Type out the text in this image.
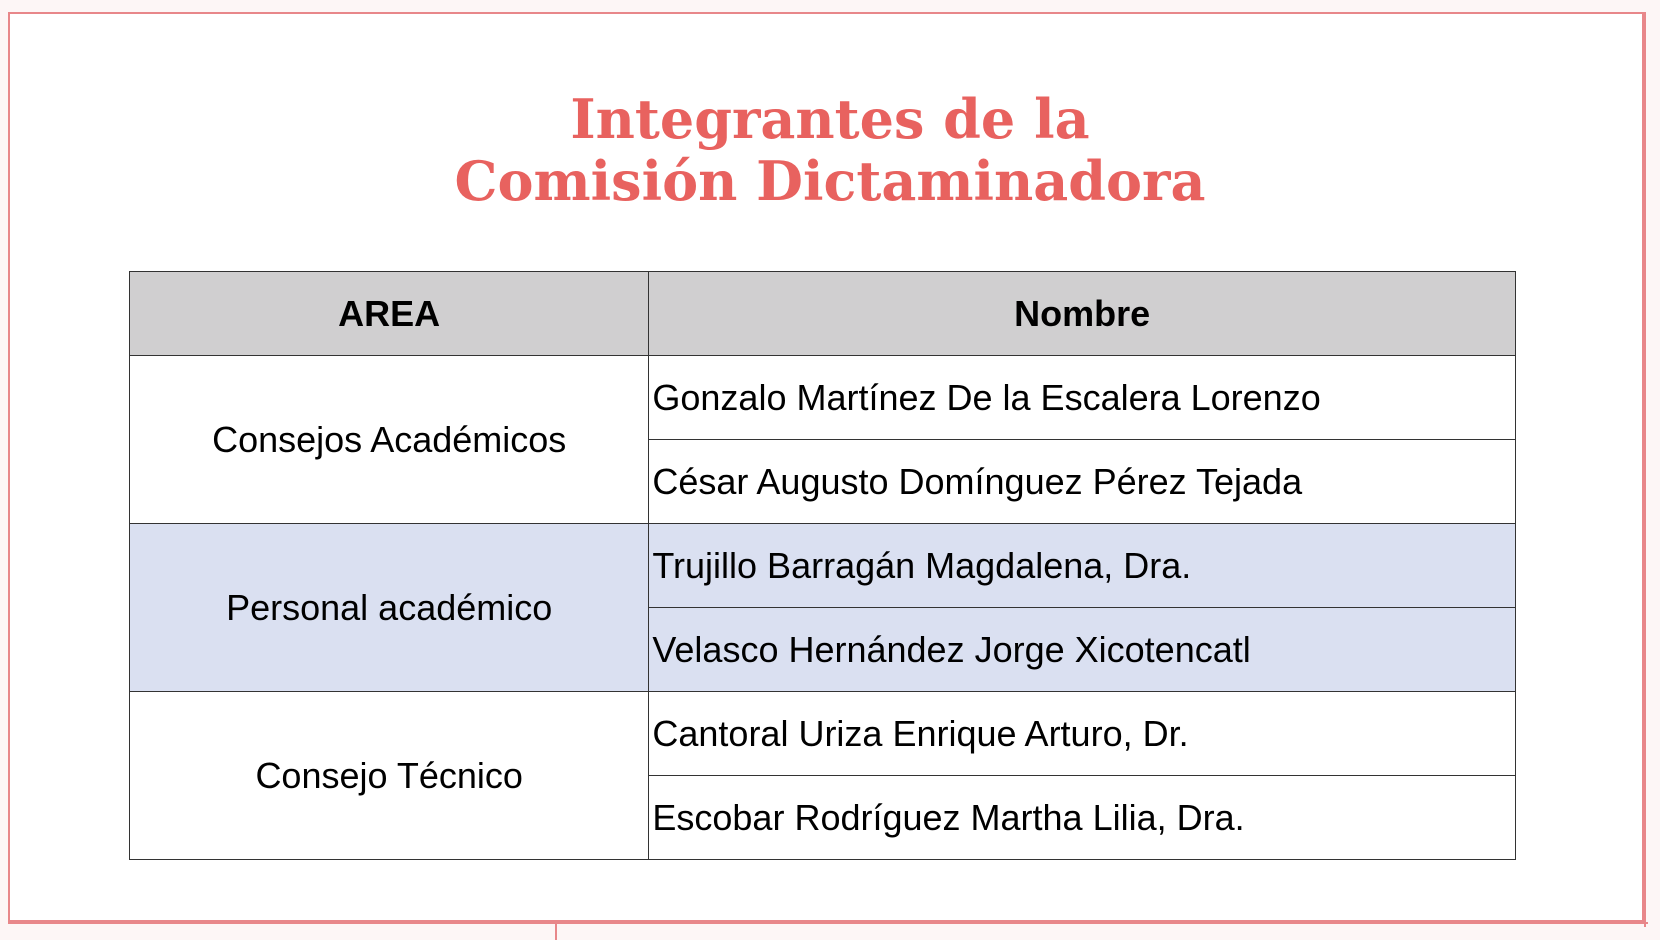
Integrantes de la
Comisión Dictaminadora
AREA	Nombre
Consejos Académicos	Gonzalo Martínez De la Escalera Lorenzo
	César Augusto Domínguez Pérez Tejada
Personal académico	Trujillo Barragán Magdalena, Dra.
	Velasco Hernández Jorge Xicotencatl
Consejo Técnico	Cantoral Uriza Enrique Arturo, Dr.
	Escobar Rodríguez Martha Lilia, Dra.
